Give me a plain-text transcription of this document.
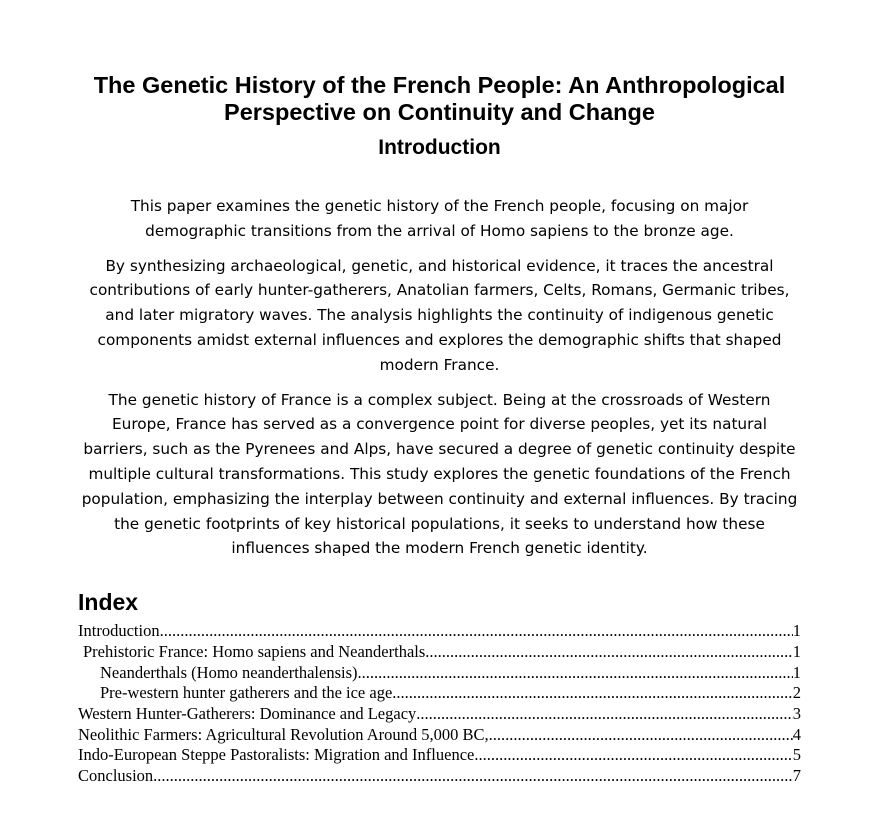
The Genetic History of the French People: An Anthropological Perspective on Continuity and Change
Introduction

This paper examines the genetic history of the French people, focusing on major demographic transitions from the arrival of Homo sapiens to the bronze age.

By synthesizing archaeological, genetic, and historical evidence, it traces the ancestral contributions of early hunter-gatherers, Anatolian farmers, Celts, Romans, Germanic tribes, and later migratory waves. The analysis highlights the continuity of indigenous genetic components amidst external influences and explores the demographic shifts that shaped modern France.

The genetic history of France is a complex subject. Being at the crossroads of Western Europe, France has served as a convergence point for diverse peoples, yet its natural barriers, such as the Pyrenees and Alps, have secured a degree of genetic continuity despite multiple cultural transformations. This study explores the genetic foundations of the French population, emphasizing the interplay between continuity and external influences. By tracing the genetic footprints of key historical populations, it seeks to understand how these influences shaped the modern French genetic identity.

Index
Introduction .....	1
Prehistoric France: Homo sapiens and Neanderthals .....	1
Neanderthals (Homo neanderthalensis) .....	1
Pre-western hunter gatherers and the ice age .....	2
Western Hunter-Gatherers: Dominance and Legacy .....	3
Neolithic Farmers: Agricultural Revolution Around 5,000 BC, .....	4
Indo-European Steppe Pastoralists: Migration and Influence .....	5
Conclusion .....	7
